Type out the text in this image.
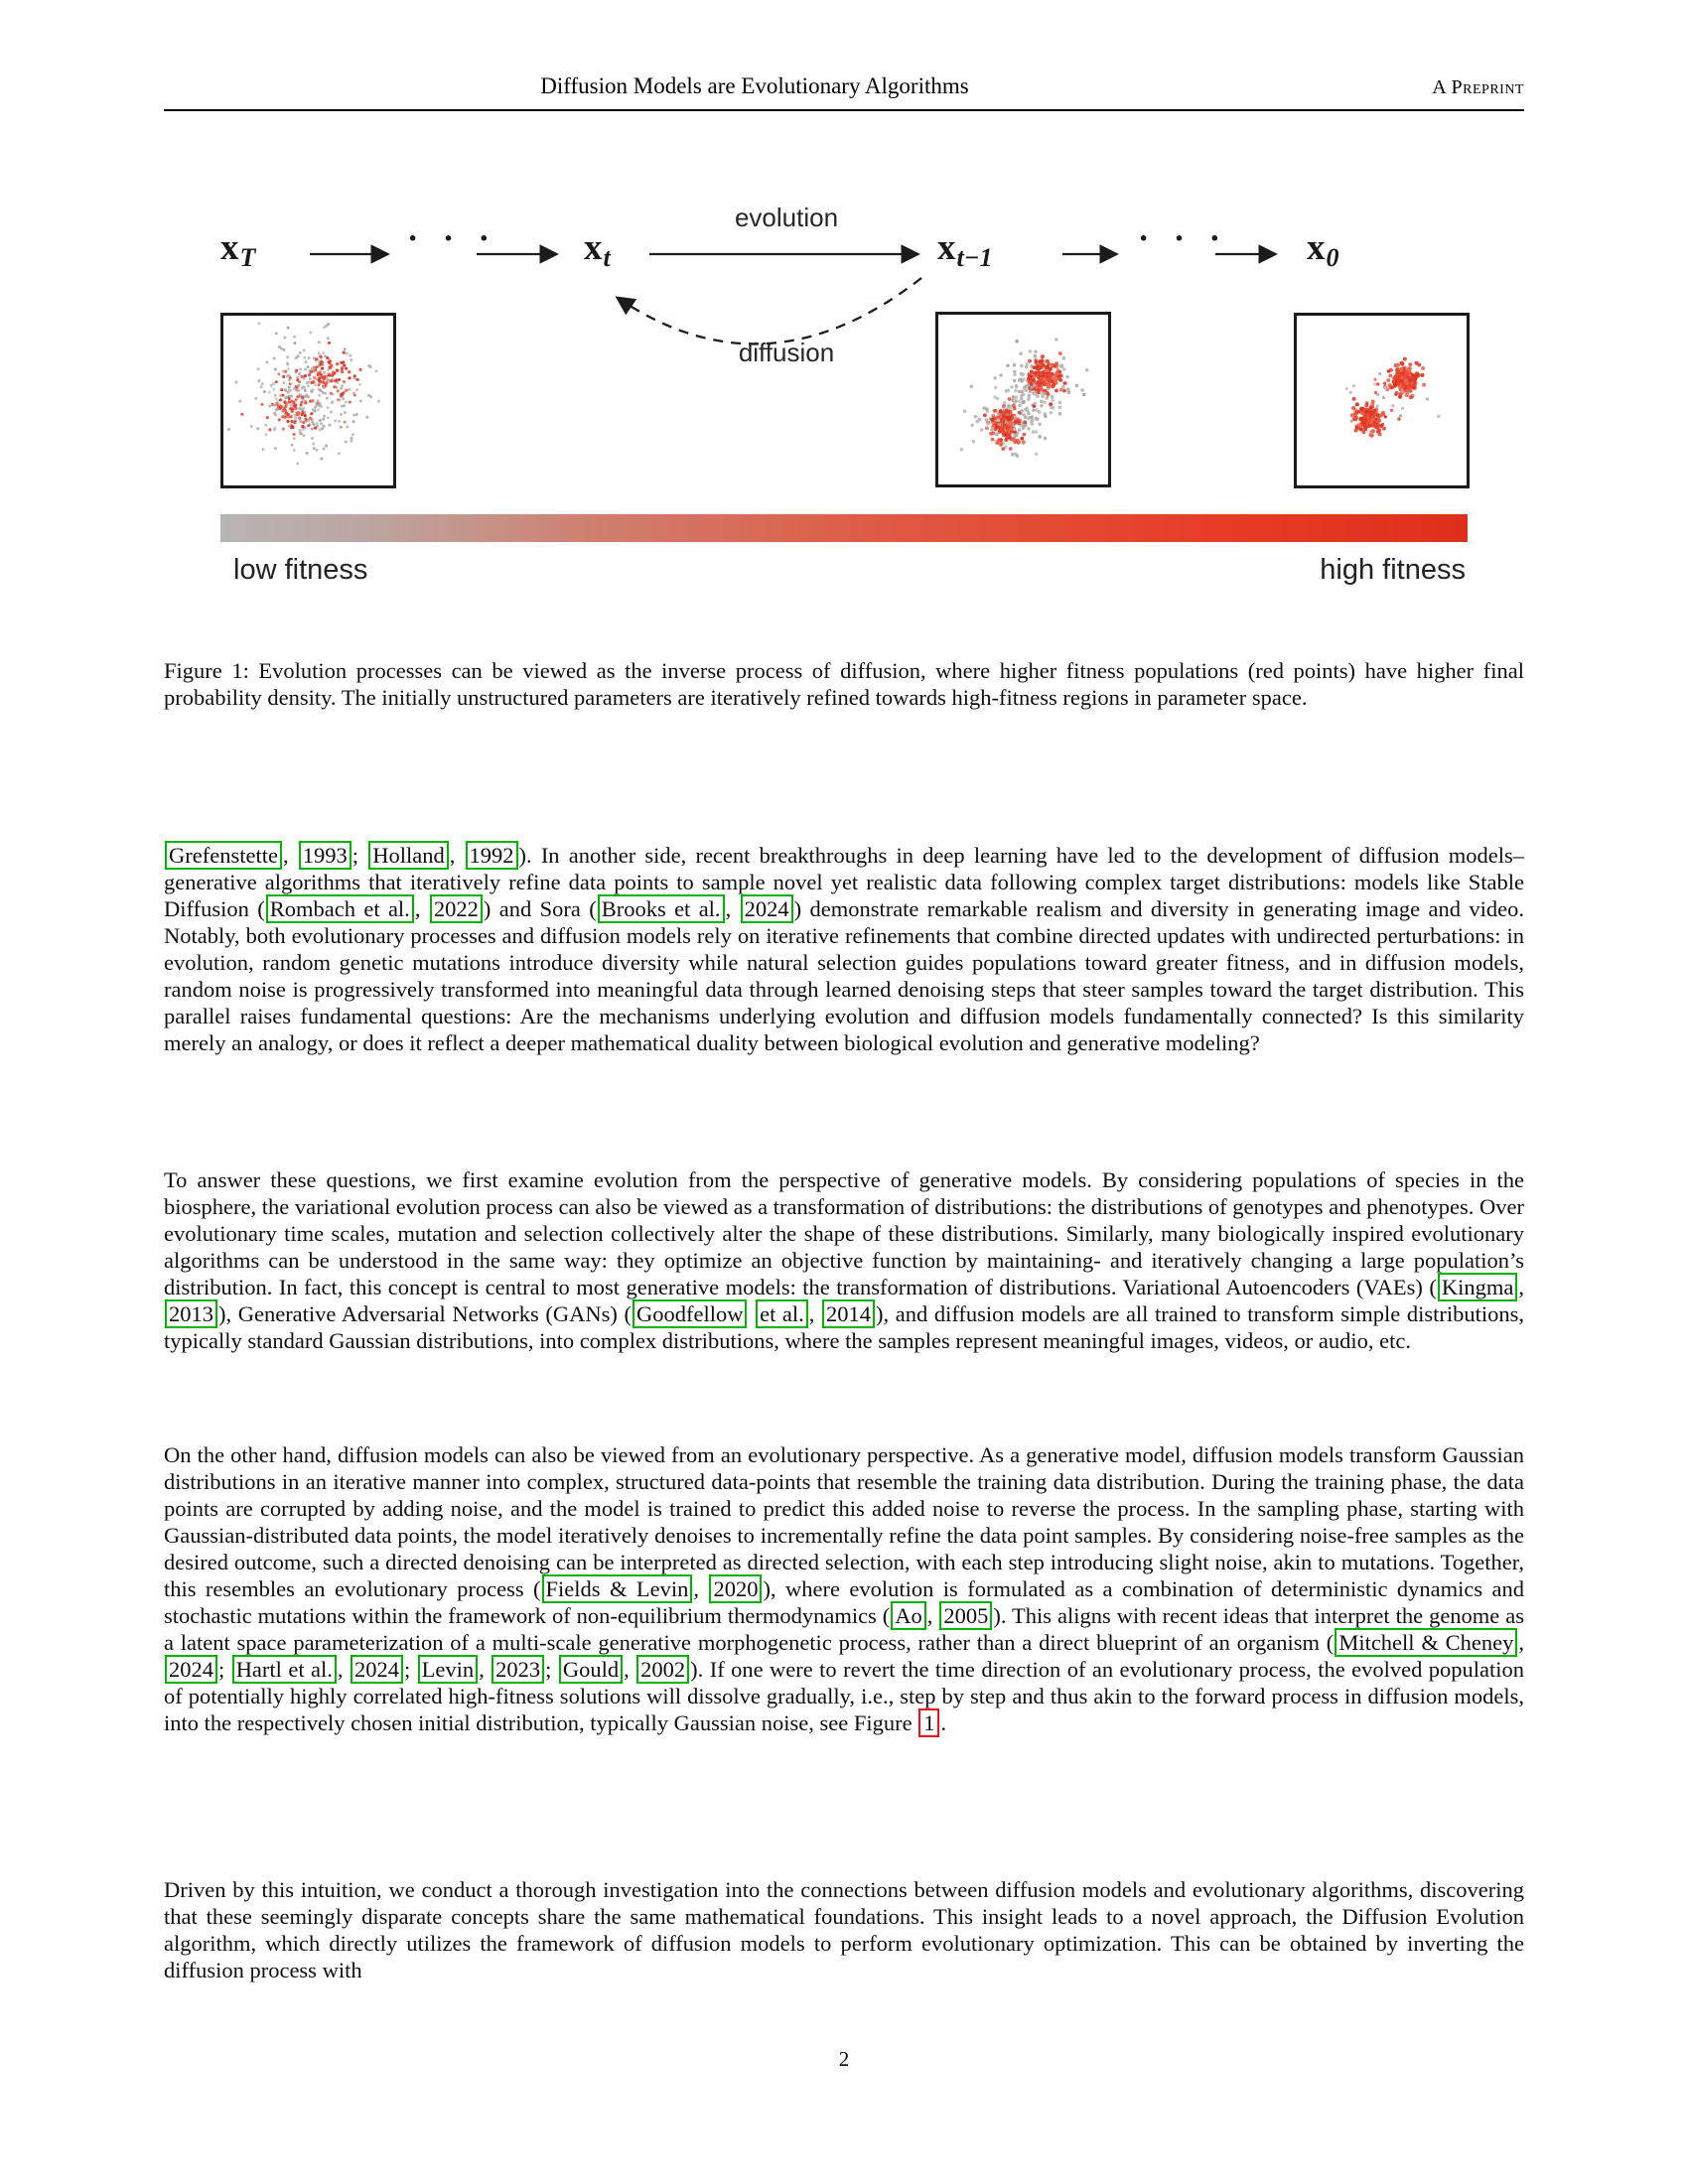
Diffusion Models are Evolutionary Algorithms	A Preprint
xT
· · · xt	xt−1
· · · x0
evolution
diffusion
low fitness	high fitness
Figure 1: Evolution processes can be viewed as the inverse process of diffusion, where higher fitness populations (red points) have higher final probability density. The initially unstructured parameters are iteratively refined towards high-fitness regions in parameter space.
Grefenstette , 1993 ; Holland , 1992 ). In another side, recent breakthroughs in deep learning have led to the development of diffusion models–generative algorithms that iteratively refine data points to sample novel yet realistic data following complex target distributions: models like Stable Diffusion ( Rombach et al. , 2022 ) and Sora ( Brooks et al. , 2024 ) demonstrate remarkable realism and diversity in generating image and video. Notably, both evolutionary processes and diffusion models rely on iterative refinements that combine directed updates with undirected perturbations: in evolution, random genetic mutations introduce diversity while natural selection guides populations toward greater fitness, and in diffusion models, random noise is progressively transformed into meaningful data through learned denoising steps that steer samples toward the target distribution. This parallel raises fundamental questions: Are the mechanisms underlying evolution and diffusion models fundamentally connected? Is this similarity merely an analogy, or does it reflect a deeper mathematical duality between biological evolution and generative modeling?
To answer these questions, we first examine evolution from the perspective of generative models. By considering populations of species in the biosphere, the variational evolution process can also be viewed as a transformation of distributions: the distributions of genotypes and phenotypes. Over evolutionary time scales, mutation and selection collectively alter the shape of these distributions. Similarly, many biologically inspired evolutionary algorithms can be understood in the same way: they optimize an objective function by maintaining- and iteratively changing a large population’s distribution. In fact, this concept is central to most generative models: the transformation of distributions. Variational Autoencoders (VAEs) ( Kingma , 2013 ), Generative Adversarial Networks (GANs) ( Goodfellow et al. , 2014 ), and diffusion models are all trained to transform simple distributions, typically standard Gaussian distributions, into complex distributions, where the samples represent meaningful images, videos, or audio, etc.
On the other hand, diffusion models can also be viewed from an evolutionary perspective. As a generative model, diffusion models transform Gaussian distributions in an iterative manner into complex, structured data-points that resemble the training data distribution. During the training phase, the data points are corrupted by adding noise, and the model is trained to predict this added noise to reverse the process. In the sampling phase, starting with Gaussian-distributed data points, the model iteratively denoises to incrementally refine the data point samples. By considering noise-free samples as the desired outcome, such a directed denoising can be interpreted as directed selection, with each step introducing slight noise, akin to mutations. Together, this resembles an evolutionary process ( Fields & Levin , 2020 ), where evolution is formulated as a combination of deterministic dynamics and stochastic mutations within the framework of non-equilibrium thermodynamics ( Ao , 2005 ). This aligns with recent ideas that interpret the genome as a latent space parameterization of a multi-scale generative morphogenetic process, rather than a direct blueprint of an organism ( Mitchell & Cheney , 2024 ; Hartl et al. , 2024 ; Levin , 2023 ; Gould , 2002 ). If one were to revert the time direction of an evolutionary process, the evolved population of potentially highly correlated high-fitness solutions will dissolve gradually, i.e., step by step and thus akin to the forward process in diffusion models, into the respectively chosen initial distribution, typically Gaussian noise, see Figure 1 .
Driven by this intuition, we conduct a thorough investigation into the connections between diffusion models and evolutionary algorithms, discovering that these seemingly disparate concepts share the same mathematical foundations. This insight leads to a novel approach, the Diffusion Evolution algorithm, which directly utilizes the framework of diffusion models to perform evolutionary optimization. This can be obtained by inverting the diffusion process with
2
